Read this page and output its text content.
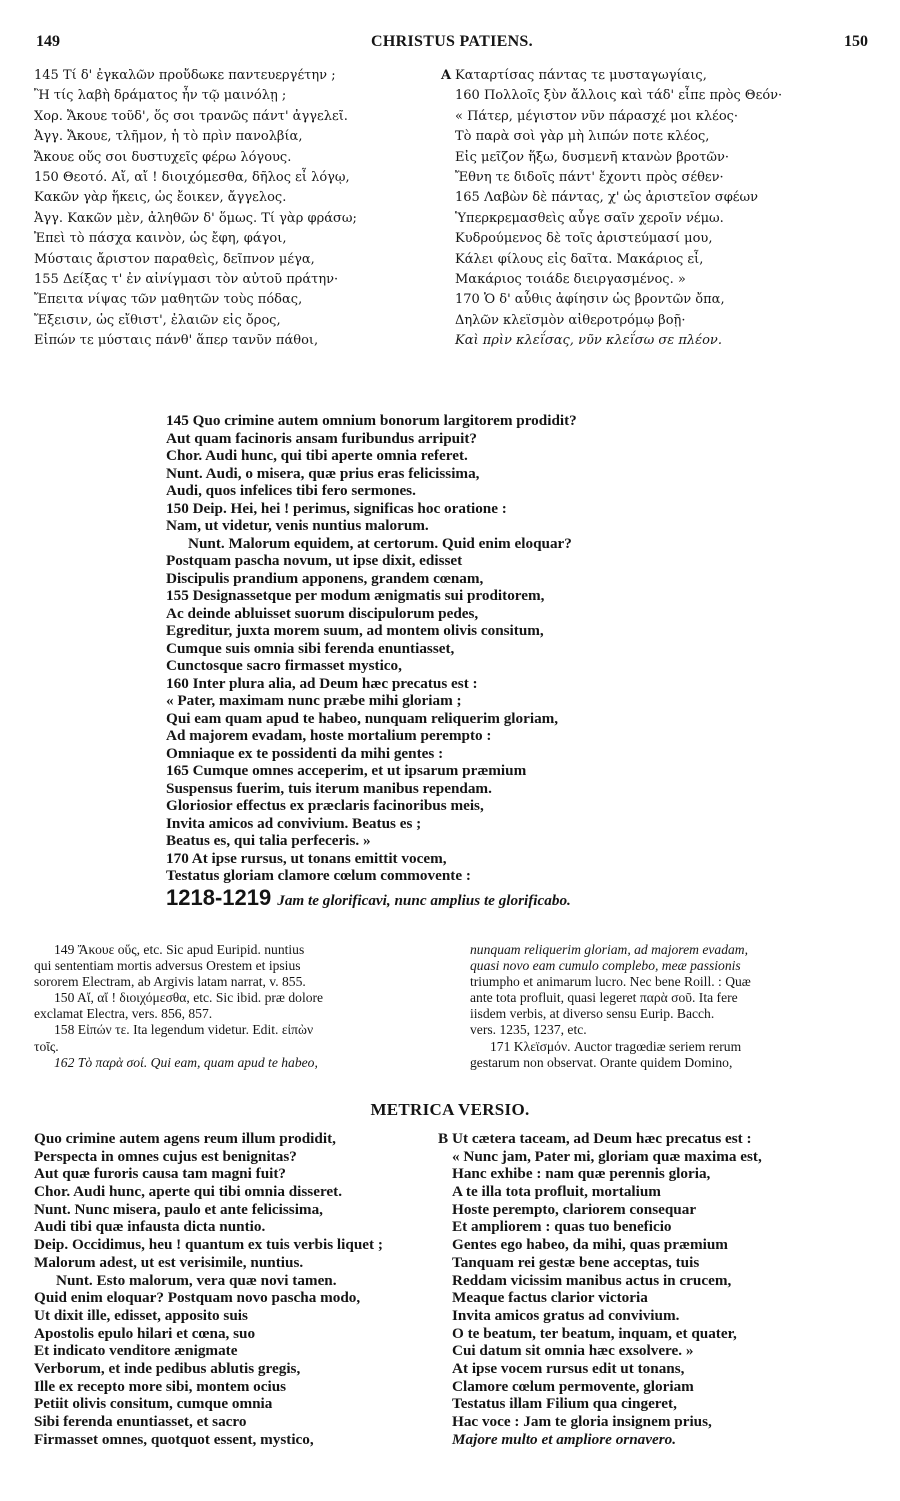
149	CHRISTUS PATIENS.	150
145 Τί δ' ἐγκαλῶν προὔδωκε παντευεργέτην ;
Ἢ τίς λαβὴ δράματος ἦν τῷ μαινόλῃ ;
Χορ. Ἄκουε τοῦδ', ὅς σοι τρανῶς πάντ' ἀγγελεῖ.
Ἀγγ. Ἄκουε, τλῆμον, ἡ τὸ πρὶν πανολβία,
Ἄκουε οὕς σοι δυστυχεῖς φέρω λόγους.
150 Θεοτό. Αἴ, αἴ ! διοιχόμεσθα, δῆλος εἶ λόγῳ,
Κακῶν γὰρ ἥκεις, ὡς ἔοικεν, ἄγγελος.
Ἀγγ. Κακῶν μὲν, ἀληθῶν δ' ὅμως. Τί γὰρ φράσω;
Ἐπεὶ τὸ πάσχα καινὸν, ὡς ἔφη, φάγοι,
Μύσταις ἄριστον παραθεὶς, δεῖπνον μέγα,
155 Δείξας τ' ἐν αἰνίγμασι τὸν αὐτοῦ πράτην·
Ἔπειτα νίψας τῶν μαθητῶν τοὺς πόδας,
Ἔξεισιν, ὡς εἴθιστ', ἐλαιῶν εἰς ὄρος,
Εἰπών τε μύσταις πάνθ' ἅπερ τανῦν πάθοι,
A Καταρτίσας πάντας τε μυσταγωγίαις,
160 Πολλοῖς ξὺν ἄλλοις καὶ τάδ' εἶπε πρὸς Θεόν·
« Πάτερ, μέγιστον νῦν πάρασχέ μοι κλέος·
Τὸ παρὰ σοὶ γὰρ μὴ λιπών ποτε κλέος,
Εἰς μεῖζον ἥξω, δυσμενῆ κτανὼν βροτῶν·
Ἔθνη τε διδοῖς πάντ' ἔχοντι πρὸς σέθεν·
165 Λαβὼν δὲ πάντας, χ' ὡς ἀριστεῖον σφέων
Ὑπερκρεμασθεὶς αὖγε σαῖν χεροῖν νέμω.
Κυδρούμενος δὲ τοῖς ἀριστεύμασί μου,
Κάλει φίλους εἰς δαῖτα. Μακάριος εἶ,
Μακάριος τοιάδε διειργασμένος. »
170 Ὁ δ' αὖθις ἀφίησιν ὡς βροντῶν ὄπα,
Δηλῶν κλεϊσμὸν αἰθεροτρόμῳ βοῇ·
Καὶ πρὶν κλεΐσας, νῦν κλεΐσω σε πλέον.
145 Quo crimine autem omnium bonorum largitorem prodidit?
Aut quam facinoris ansam furibundus arripuit?
Chor. Audi hunc, qui tibi aperte omnia referet.
Nunt. Audi, o misera, quæ prius eras felicissima,
Audi, quos infelices tibi fero sermones.
150 Deip. Hei, hei ! perimus, significas hoc oratione :
Nam, ut videtur, venis nuntius malorum.
Nunt. Malorum equidem, at certorum. Quid enim eloquar?
Postquam pascha novum, ut ipse dixit, edisset
Discipulis prandium apponens, grandem cœnam,
155 Designassetque per modum ænigmatis sui proditorem,
Ac deinde abluisset suorum discipulorum pedes,
Egreditur, juxta morem suum, ad montem olivis consitum,
Cumque suis omnia sibi ferenda enuntiasset,
Cunctosque sacro firmasset mystico,
160 Inter plura alia, ad Deum hæc precatus est :
« Pater, maximam nunc præbe mihi gloriam ;
Qui eam quam apud te habeo, nunquam reliquerim gloriam,
Ad majorem evadam, hoste mortalium perempto :
Omniaque ex te possidenti da mihi gentes :
165 Cumque omnes acceperim, et ut ipsarum præmium
Suspensus fuerim, tuis iterum manibus rependam.
Gloriosior effectus ex præclaris facinoribus meis,
Invita amicos ad convivium. Beatus es ;
Beatus es, qui talia perfeceris. »
170 At ipse rursus, ut tonans emittit vocem,
Testatus gloriam clamore cœlum commovente :
1218-1219 Jam te glorificavi, nunc amplius te glorificabo.
149 Ἄκουε οὕς, etc. Sic apud Euripid. nuntius
qui sententiam mortis adversus Orestem et ipsius
sororem Electram, ab Argivis latam narrat, v. 855.
150 Αἴ, αἴ ! διοιχόμεσθα, etc. Sic ibid. præ dolore
exclamat Electra, vers. 856, 857.
158 Εἰπών τε. Ita legendum videtur. Edit. εἰπὼν
τοῖς.
162 Τὸ παρὰ σοί. Qui eam, quam apud te habeo,
nunquam reliquerim gloriam, ad majorem evadam,
quasi novo eam cumulo complebo, meæ passionis
triumpho et animarum lucro. Nec bene Roill. : Quæ
ante tota profluit, quasi legeret παρὰ σοῦ. Ita fere
iisdem verbis, at diverso sensu Eurip. Bacch.
vers. 1235, 1237, etc.
171 Κλεϊσμόν. Auctor tragœdiæ seriem rerum
gestarum non observat. Orante quidem Domino,
METRICA VERSIO.
Quo crimine autem agens reum illum prodidit,
Perspecta in omnes cujus est benignitas?
Aut quæ furoris causa tam magni fuit?
Chor. Audi hunc, aperte qui tibi omnia disseret.
Nunt. Nunc misera, paulo et ante felicissima,
Audi tibi quæ infausta dicta nuntio.
Deip. Occidimus, heu ! quantum ex tuis verbis liquet ;
Malorum adest, ut est verisimile, nuntius.
Nunt. Esto malorum, vera quæ novi tamen.
Quid enim eloquar? Postquam novo pascha modo,
Ut dixit ille, edisset, apposito suis
Apostolis epulo hilari et cœna, suo
Et indicato venditore ænigmate
Verborum, et inde pedibus ablutis gregis,
Ille ex recepto more sibi, montem ocius
Petiit olivis consitum, cumque omnia
Sibi ferenda enuntiasset, et sacro
Firmasset omnes, quotquot essent, mystico,
B Ut cætera taceam, ad Deum hæc precatus est :
« Nunc jam, Pater mi, gloriam quæ maxima est,
Hanc exhibe : nam quæ perennis gloria,
A te illa tota profluit, mortalium
Hoste perempto, clariorem consequar
Et ampliorem : quas tuo beneficio
Gentes ego habeo, da mihi, quas præmium
Tanquam rei gestæ bene acceptas, tuis
Reddam vicissim manibus actus in crucem,
Meaque factus clarior victoria
Invita amicos gratus ad convivium.
O te beatum, ter beatum, inquam, et quater,
Cui datum sit omnia hæc exsolvere. »
At ipse vocem rursus edit ut tonans,
Clamore cœlum permovente, gloriam
Testatus illam Filium qua cingeret,
Hac voce : Jam te gloria insignem prius,
Majore multo et ampliore ornavero.
